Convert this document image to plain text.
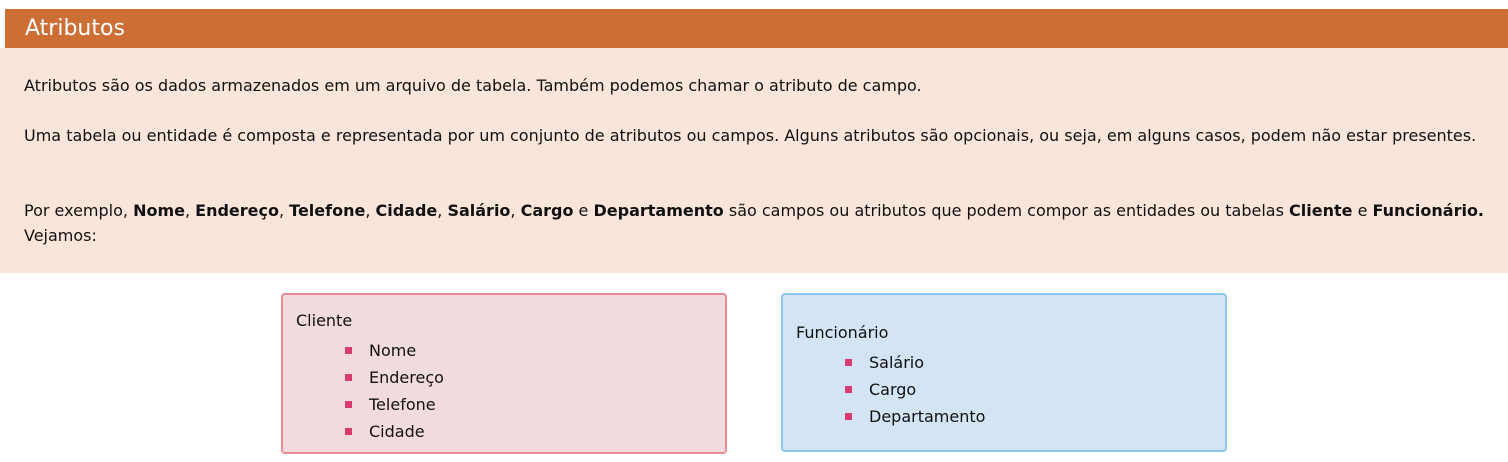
Atributos

Atributos são os dados armazenados em um arquivo de tabela. Também podemos chamar o atributo de campo.

Uma tabela ou entidade é composta e representada por um conjunto de atributos ou campos. Alguns atributos são opcionais, ou seja, em alguns casos, podem não estar presentes.

Por exemplo, Nome, Endereço, Telefone, Cidade, Salário, Cargo e Departamento são campos ou atributos que podem compor as entidades ou tabelas Cliente e Funcionário. Vejamos:

Cliente
Nome
Endereço
Telefone
Cidade
Funcionário
Salário
Cargo
Departamento
